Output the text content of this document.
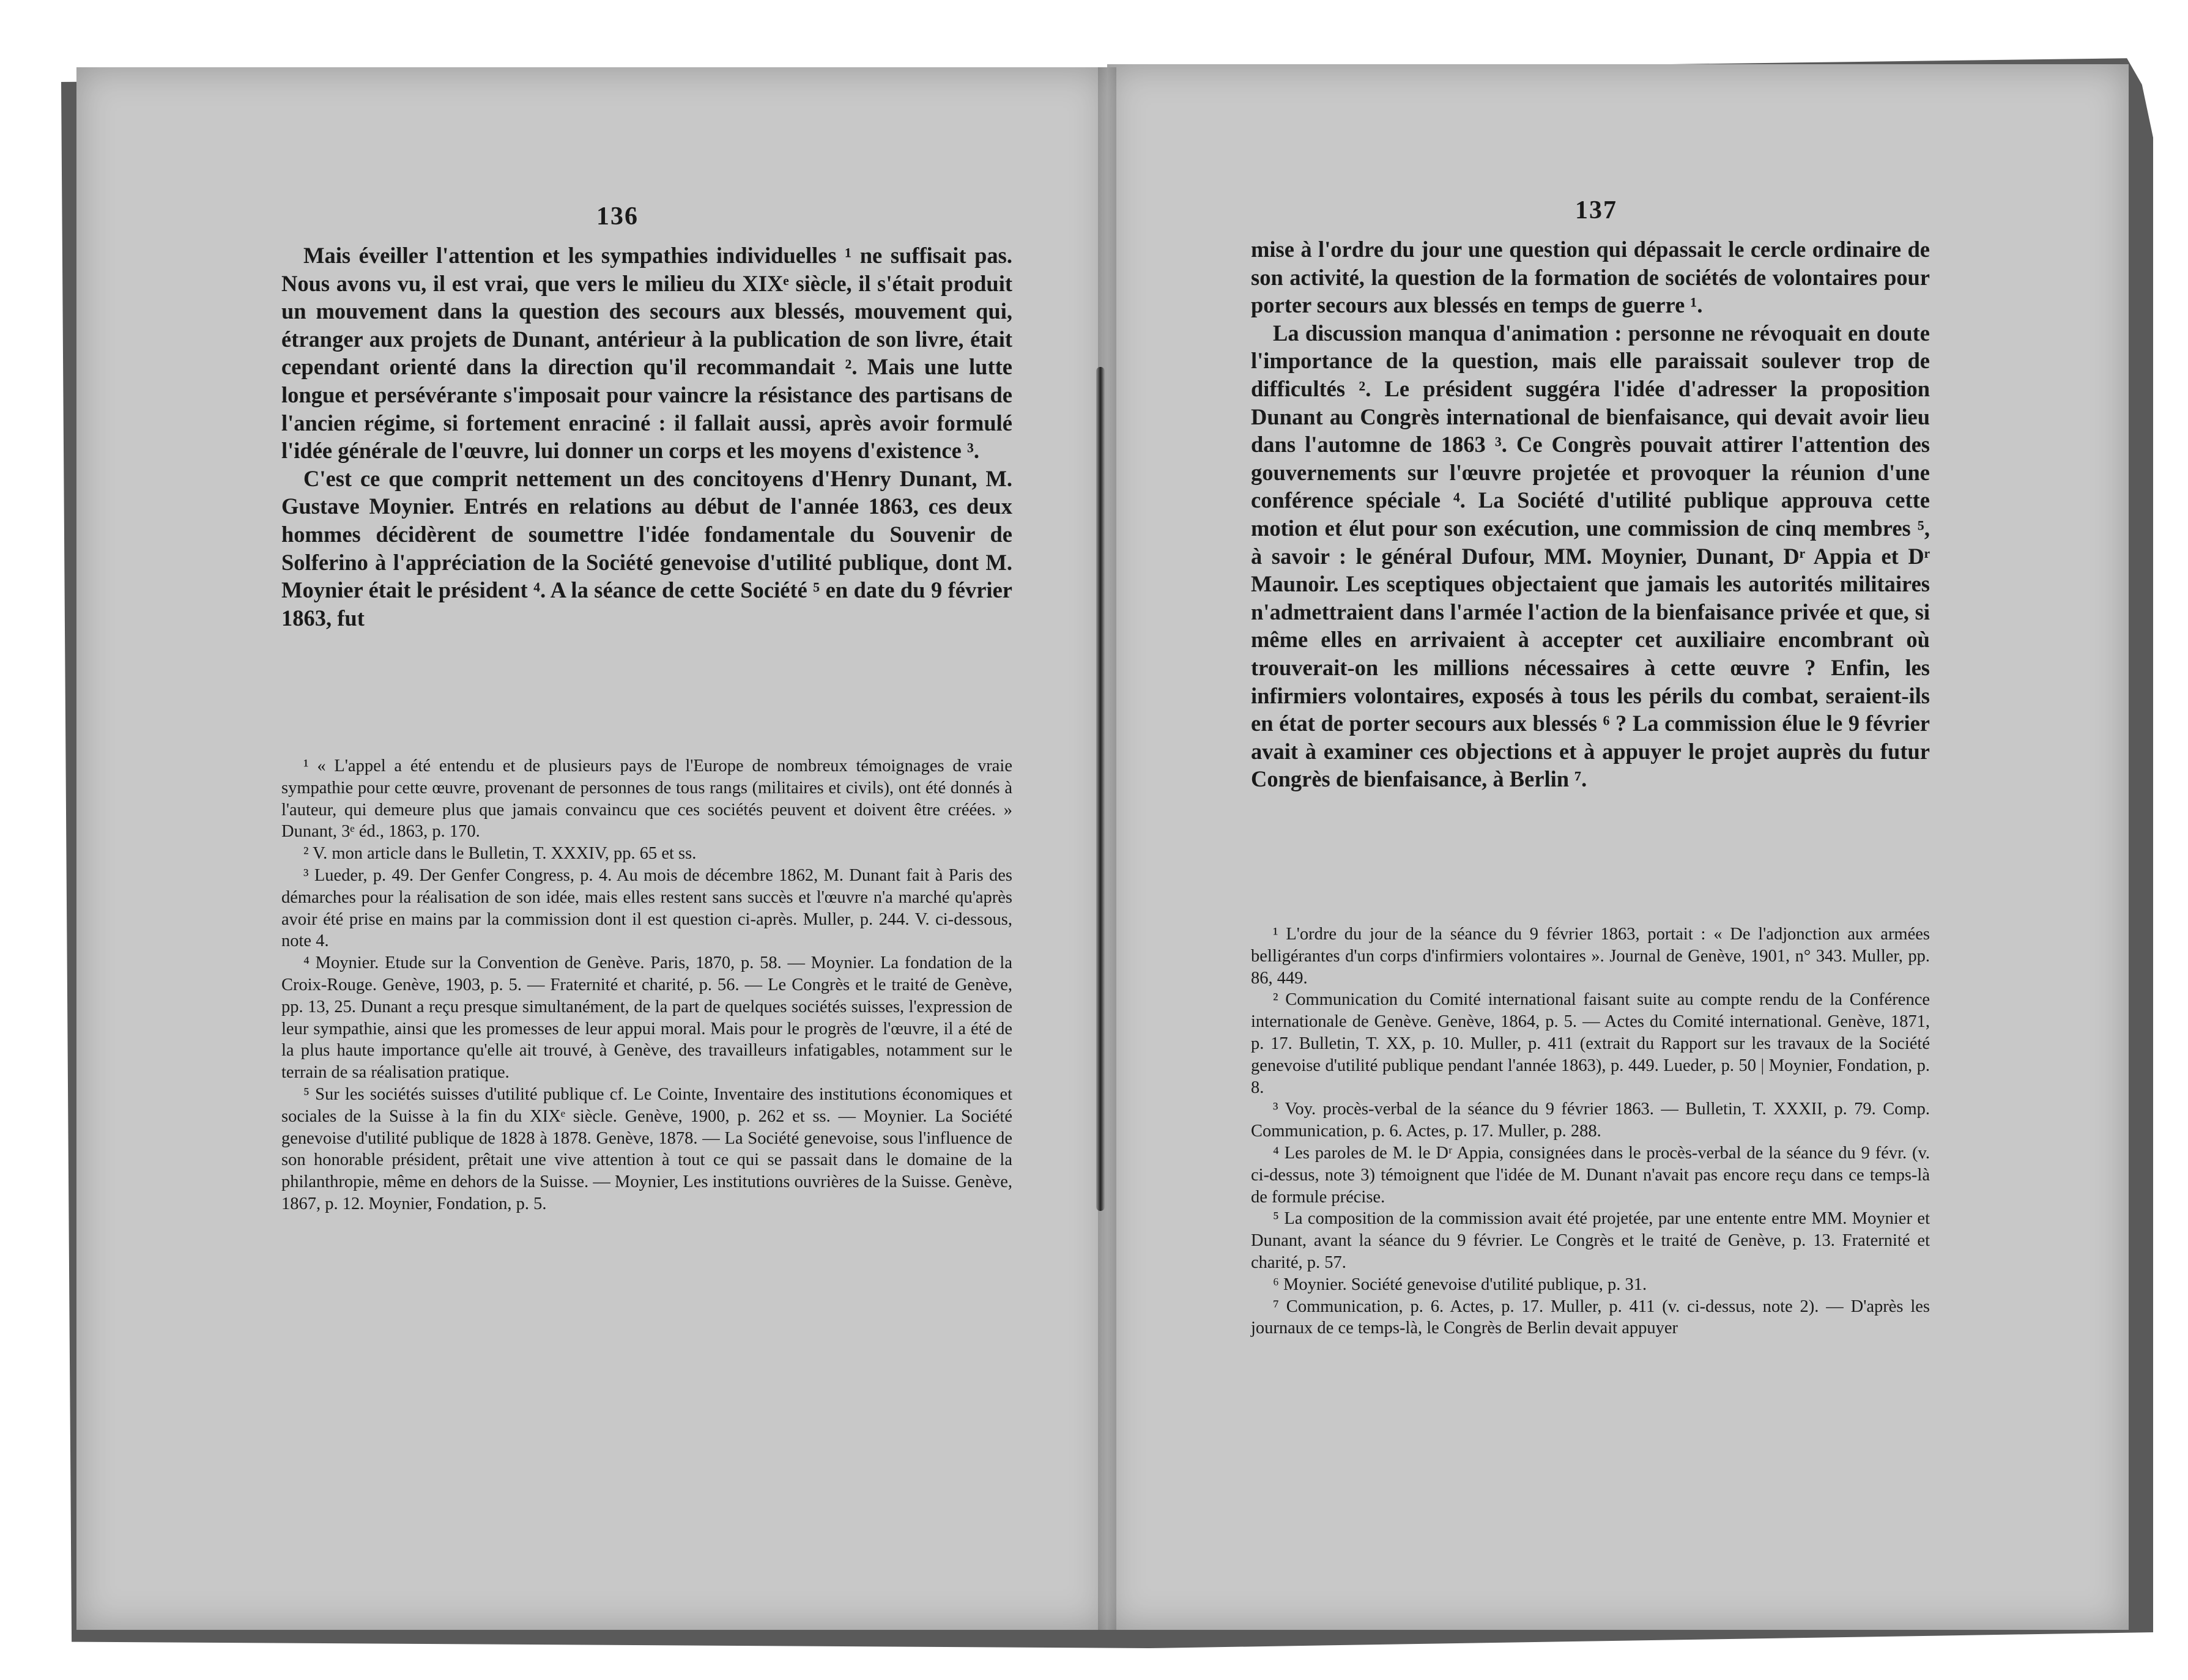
136

Mais éveiller l'attention et les sympathies individuelles ¹ ne suffisait pas. Nous avons vu, il est vrai, que vers le milieu du XIXᵉ siècle, il s'était produit un mouvement dans la question des secours aux blessés, mouvement qui, étranger aux projets de Dunant, antérieur à la publication de son livre, était cependant orienté dans la direction qu'il recommandait ². Mais une lutte longue et persévérante s'imposait pour vaincre la résistance des partisans de l'ancien régime, si fortement enraciné : il fallait aussi, après avoir formulé l'idée générale de l'œuvre, lui donner un corps et les moyens d'existence ³.

C'est ce que comprit nettement un des concitoyens d'Henry Dunant, M. Gustave Moynier. Entrés en relations au début de l'année 1863, ces deux hommes décidèrent de soumettre l'idée fondamentale du Souvenir de Solferino à l'appréciation de la Société genevoise d'utilité publique, dont M. Moynier était le président ⁴. A la séance de cette Société ⁵ en date du 9 février 1863, fut

¹ « L'appel a été entendu et de plusieurs pays de l'Europe de nombreux témoignages de vraie sympathie pour cette œuvre, provenant de personnes de tous rangs (militaires et civils), ont été donnés à l'auteur, qui demeure plus que jamais convaincu que ces sociétés peuvent et doivent être créées. » Dunant, 3ᵉ éd., 1863, p. 170.

² V. mon article dans le Bulletin, T. XXXIV, pp. 65 et ss.

³ Lueder, p. 49. Der Genfer Congress, p. 4. Au mois de décembre 1862, M. Dunant fait à Paris des démarches pour la réalisation de son idée, mais elles restent sans succès et l'œuvre n'a marché qu'après avoir été prise en mains par la commission dont il est question ci-après. Muller, p. 244. V. ci-dessous, note 4.

⁴ Moynier. Etude sur la Convention de Genève. Paris, 1870, p. 58. — Moynier. La fondation de la Croix-Rouge. Genève, 1903, p. 5. — Fraternité et charité, p. 56. — Le Congrès et le traité de Genève, pp. 13, 25. Dunant a reçu presque simultanément, de la part de quelques sociétés suisses, l'expression de leur sympathie, ainsi que les promesses de leur appui moral. Mais pour le progrès de l'œuvre, il a été de la plus haute importance qu'elle ait trouvé, à Genève, des travailleurs infatigables, notamment sur le terrain de sa réalisation pratique.

⁵ Sur les sociétés suisses d'utilité publique cf. Le Cointe, Inventaire des institutions économiques et sociales de la Suisse à la fin du XIXᵉ siècle. Genève, 1900, p. 262 et ss. — Moynier. La Société genevoise d'utilité publique de 1828 à 1878. Genève, 1878. — La Société genevoise, sous l'influence de son honorable président, prêtait une vive attention à tout ce qui se passait dans le domaine de la philanthropie, même en dehors de la Suisse. — Moynier, Les institutions ouvrières de la Suisse. Genève, 1867, p. 12. Moynier, Fondation, p. 5.

137

mise à l'ordre du jour une question qui dépassait le cercle ordinaire de son activité, la question de la formation de sociétés de volontaires pour porter secours aux blessés en temps de guerre ¹.

La discussion manqua d'animation : personne ne révoquait en doute l'importance de la question, mais elle paraissait soulever trop de difficultés ². Le président suggéra l'idée d'adresser la proposition Dunant au Congrès international de bienfaisance, qui devait avoir lieu dans l'automne de 1863 ³. Ce Congrès pouvait attirer l'attention des gouvernements sur l'œuvre projetée et provoquer la réunion d'une conférence spéciale ⁴. La Société d'utilité publique approuva cette motion et élut pour son exécution, une commission de cinq membres ⁵, à savoir : le général Dufour, MM. Moynier, Dunant, Dʳ Appia et Dʳ Maunoir. Les sceptiques objectaient que jamais les autorités militaires n'admettraient dans l'armée l'action de la bienfaisance privée et que, si même elles en arrivaient à accepter cet auxiliaire encombrant où trouverait-on les millions nécessaires à cette œuvre ? Enfin, les infirmiers volontaires, exposés à tous les périls du combat, seraient-ils en état de porter secours aux blessés ⁶ ? La commission élue le 9 février avait à examiner ces objections et à appuyer le projet auprès du futur Congrès de bienfaisance, à Berlin ⁷.

¹ L'ordre du jour de la séance du 9 février 1863, portait : « De l'adjonction aux armées belligérantes d'un corps d'infirmiers volontaires ». Journal de Genève, 1901, n° 343. Muller, pp. 86, 449.

² Communication du Comité international faisant suite au compte rendu de la Conférence internationale de Genève. Genève, 1864, p. 5. — Actes du Comité international. Genève, 1871, p. 17. Bulletin, T. XX, p. 10. Muller, p. 411 (extrait du Rapport sur les travaux de la Société genevoise d'utilité publique pendant l'année 1863), p. 449. Lueder, p. 50 | Moynier, Fondation, p. 8.

³ Voy. procès-verbal de la séance du 9 février 1863. — Bulletin, T. XXXII, p. 79. Comp. Communication, p. 6. Actes, p. 17. Muller, p. 288.

⁴ Les paroles de M. le Dʳ Appia, consignées dans le procès-verbal de la séance du 9 févr. (v. ci-dessus, note 3) témoignent que l'idée de M. Dunant n'avait pas encore reçu dans ce temps-là de formule précise.

⁵ La composition de la commission avait été projetée, par une entente entre MM. Moynier et Dunant, avant la séance du 9 février. Le Congrès et le traité de Genève, p. 13. Fraternité et charité, p. 57.

⁶ Moynier. Société genevoise d'utilité publique, p. 31.

⁷ Communication, p. 6. Actes, p. 17. Muller, p. 411 (v. ci-dessus, note 2). — D'après les journaux de ce temps-là, le Congrès de Berlin devait appuyer
